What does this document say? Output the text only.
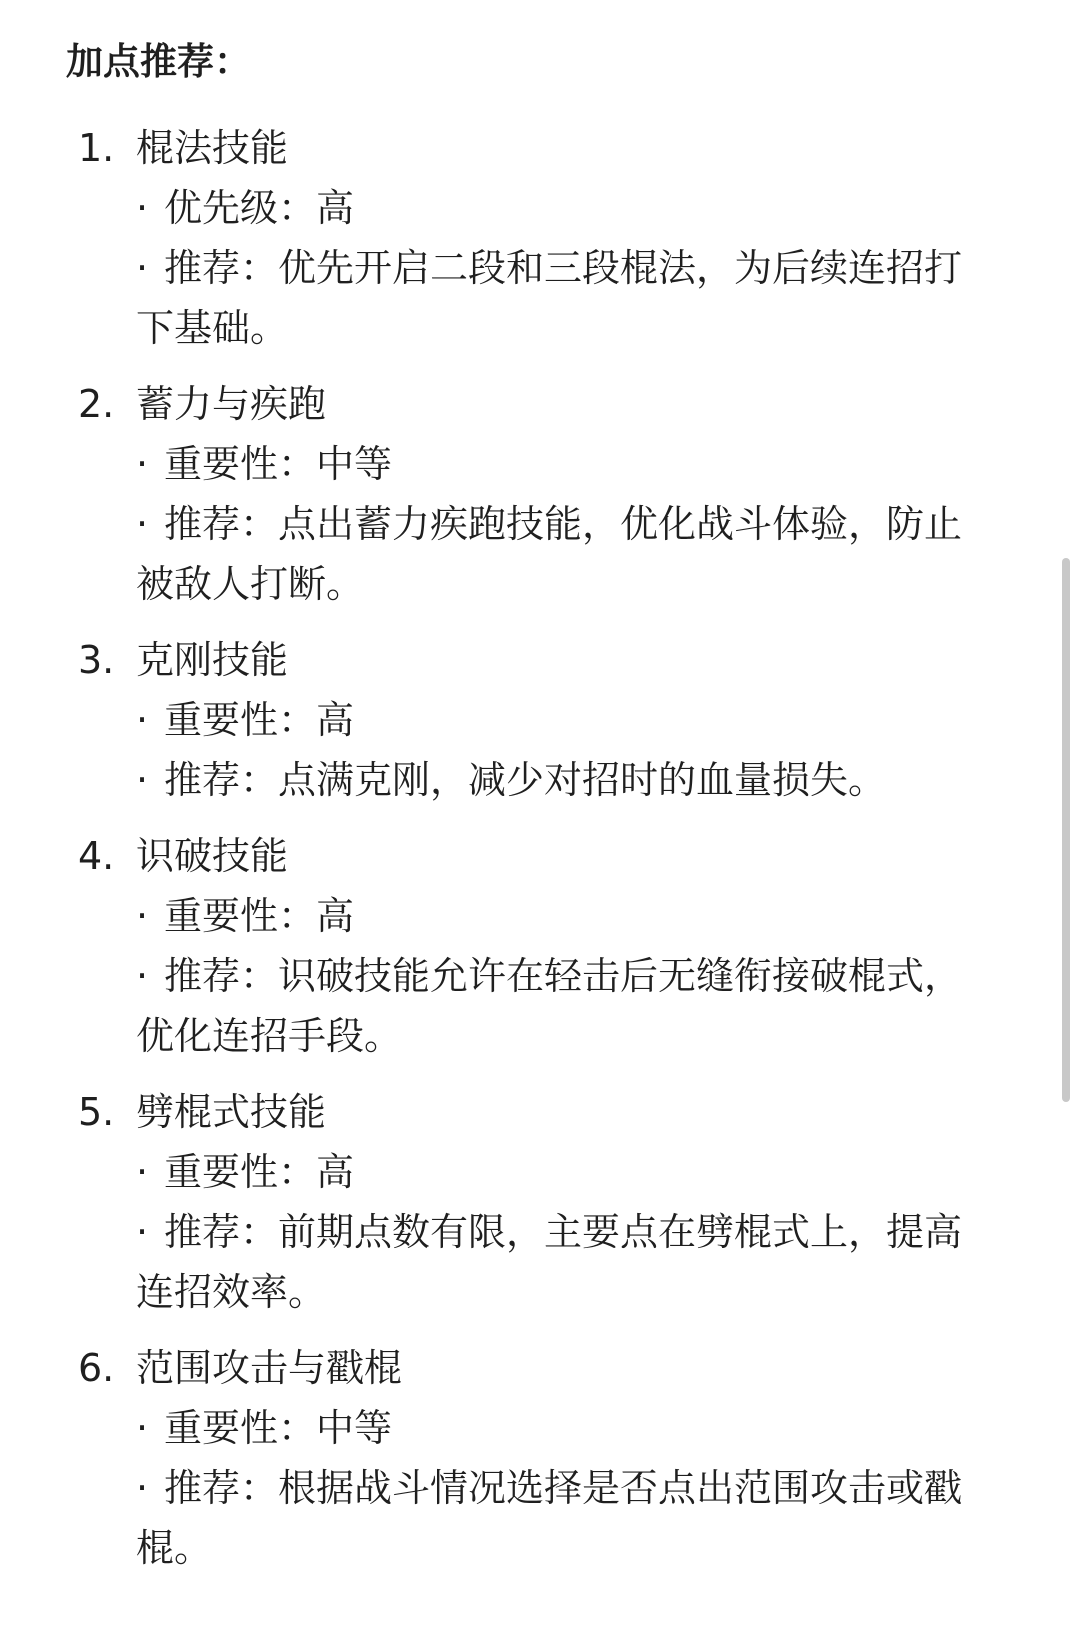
加点推荐：
1. 棍法技能
· 优先级：高
· 推荐：优先开启二段和三段棍法，为后续连招打下基础。
2. 蓄力与疾跑
· 重要性：中等
· 推荐：点出蓄力疾跑技能，优化战斗体验，防止被敌人打断。
3. 克刚技能
· 重要性：高
· 推荐：点满克刚，减少对招时的血量损失。
4. 识破技能
· 重要性：高
· 推荐：识破技能允许在轻击后无缝衔接破棍式，优化连招手段。
5. 劈棍式技能
· 重要性：高
· 推荐：前期点数有限，主要点在劈棍式上，提高连招效率。
6. 范围攻击与戳棍
· 重要性：中等
· 推荐：根据战斗情况选择是否点出范围攻击或戳棍。
